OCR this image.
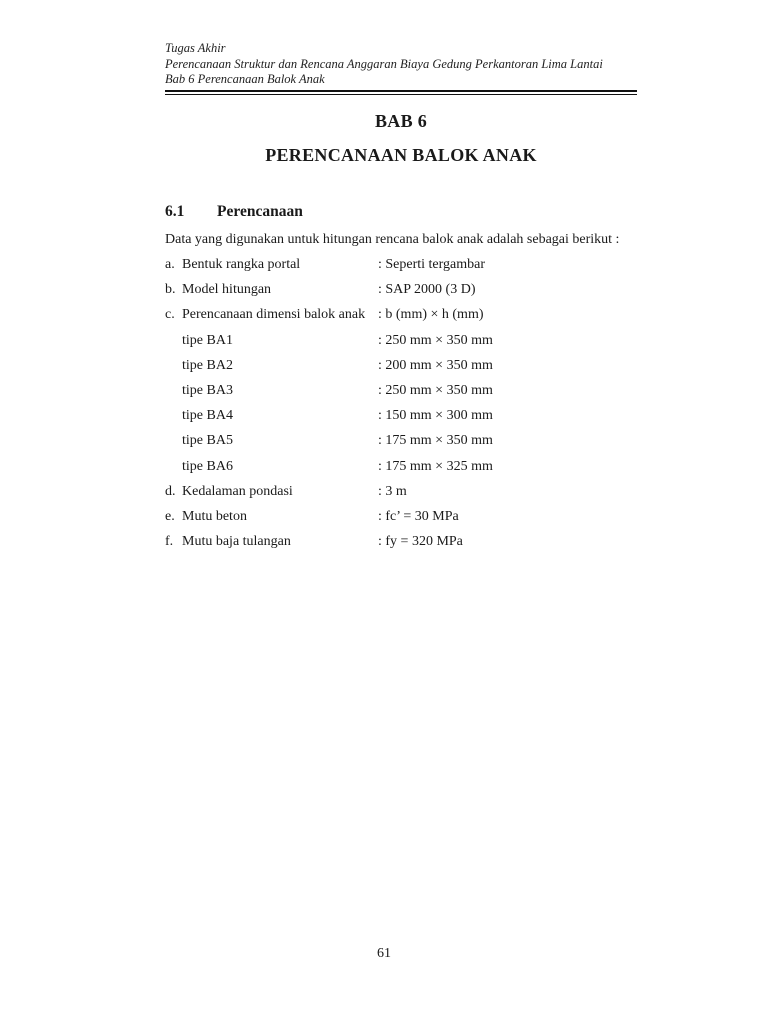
Tugas Akhir
Perencanaan Struktur dan Rencana Anggaran Biaya Gedung Perkantoran Lima Lantai
Bab 6 Perencanaan Balok Anak
BAB 6
PERENCANAAN BALOK ANAK
6.1 Perencanaan
Data yang digunakan untuk hitungan rencana balok anak adalah sebagai berikut :
a. Bentuk rangka portal	: Seperti tergambar
b. Model hitungan	: SAP 2000 (3 D)
c. Perencanaan dimensi balok anak : b (mm) × h (mm)
tipe BA1	: 250 mm × 350 mm
tipe BA2	: 200 mm × 350 mm
tipe BA3	: 250 mm × 350 mm
tipe BA4	: 150 mm × 300 mm
tipe BA5	: 175 mm × 350 mm
tipe BA6	: 175 mm × 325 mm
d. Kedalaman pondasi	: 3 m
e. Mutu beton	: fc’ = 30 MPa
f. Mutu baja tulangan	: fy = 320 MPa
61
